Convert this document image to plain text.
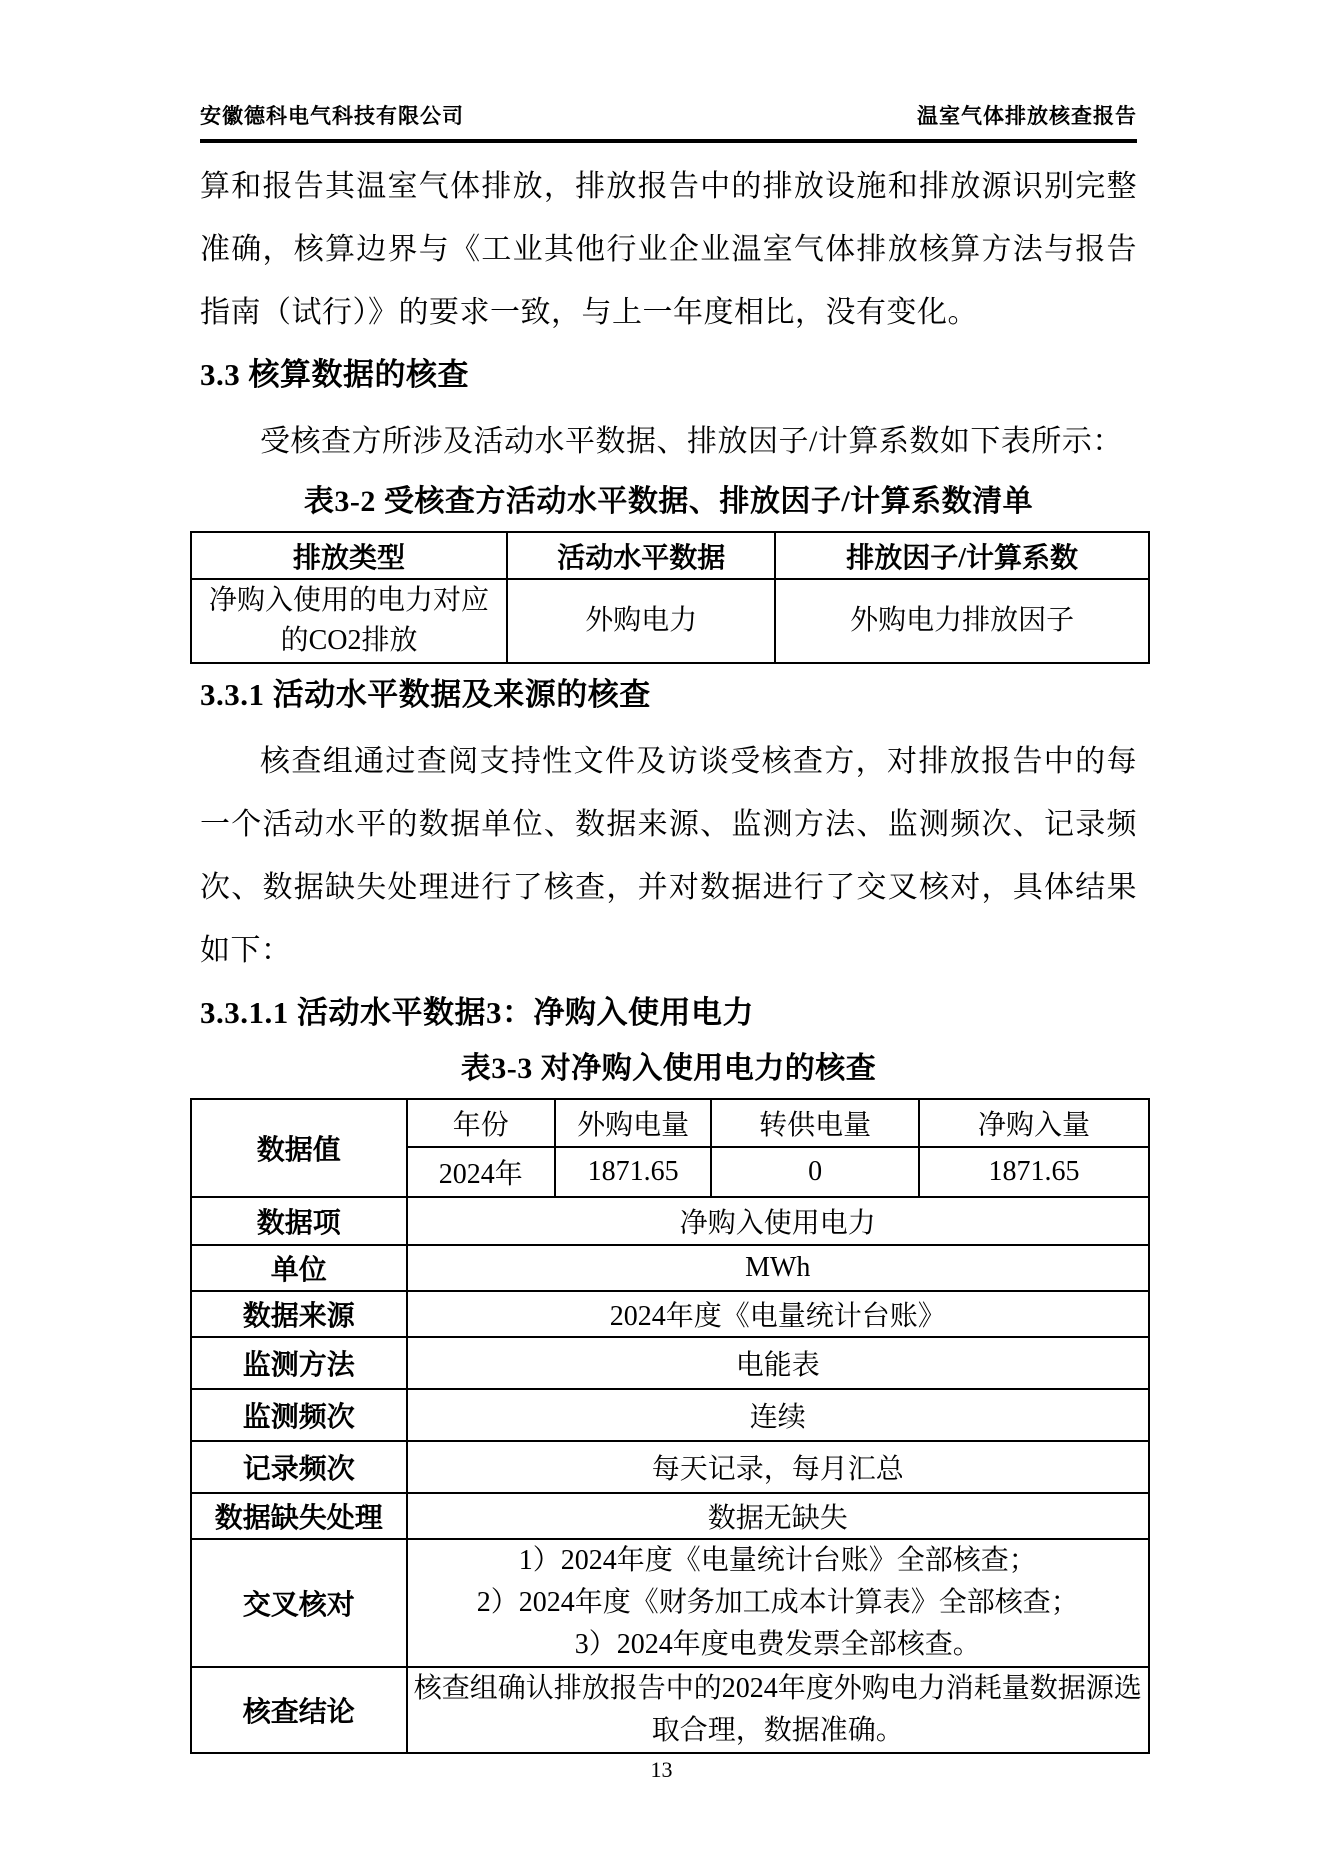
安徽德科电气科技有限公司	温室气体排放核查报告

算和报告其温室气体排放，排放报告中的排放设施和排放源识别完整准确，核算边界与《工业其他行业企业温室气体排放核算方法与报告指南（试行）》的要求一致，与上一年度相比，没有变化。

3.3 核算数据的核查

受核查方所涉及活动水平数据、排放因子/计算系数如下表所示：

表3-2 受核查方活动水平数据、排放因子/计算系数清单
排放类型	活动水平数据	排放因子/计算系数
净购入使用的电力对应的CO2排放	外购电力	外购电力排放因子
3.3.1 活动水平数据及来源的核查

核查组通过查阅支持性文件及访谈受核查方，对排放报告中的每一个活动水平的数据单位、数据来源、监测方法、监测频次、记录频次、数据缺失处理进行了核查，并对数据进行了交叉核对，具体结果如下：

3.3.1.1 活动水平数据3：净购入使用电力
表3-3 对净购入使用电力的核查
数据值	年份	外购电量	转供电量	净购入量
	2024年	1871.65	0	1871.65
数据项	净购入使用电力			
单位	MWh			
数据来源	2024年度《电量统计台账》			
监测方法	电能表			
监测频次	连续			
记录频次	每天记录，每月汇总			
数据缺失处理	数据无缺失			
交叉核对	1）2024年度《电量统计台账》全部核查；
2）2024年度《财务加工成本计算表》全部核查；
3）2024年度电费发票全部核查。			

核查结论	核查组确认排放报告中的2024年度外购电力消耗量数据源选取合理，数据准确。			
13
